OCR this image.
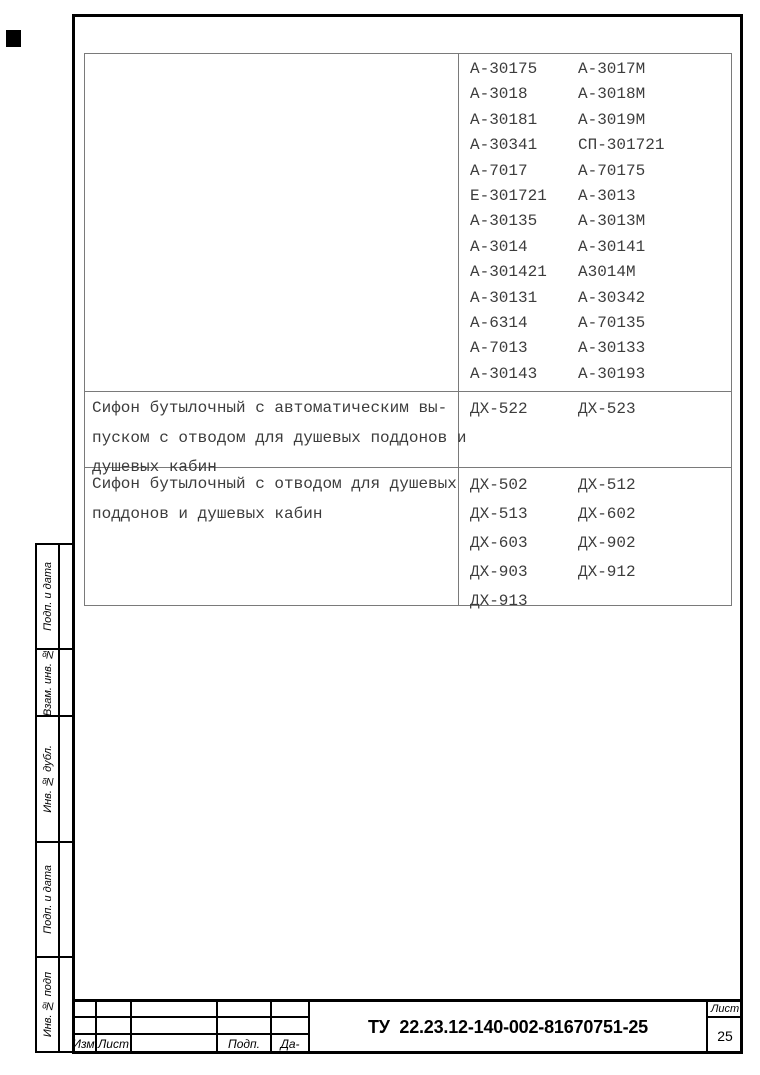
А-30175	А-3017М
А-3018	А-3018М
А-30181	А-3019М
А-30341	СП-301721
А-7017	А-70175
Е-301721 А-3013
А-30135	А-3013М
А-3014	А-30141
А-301421 А3014М
А-30131	А-30342
А-6314	А-70135
А-7013	А-30133
А-30143	А-30193
Сифон бутылочный с автоматическим вы-
пуском с отводом для душевых поддонов и
душевых кабин
ДХ-522	ДХ-523
Сифон бутылочный с отводом для душевых
поддонов и душевых кабин
ДХ-502	ДХ-512
ДХ-513	ДХ-602
ДХ-603	ДХ-902
ДХ-903	ДХ-912
ДХ-913
Подп. и дата
Взам. инв. №
Инв. № дубл.
Подп. и дата
Инв. № подп
Изм Лист	Подп.	Да-
ТУ  22.23.12-140-002-81670751-25
Лист
25
